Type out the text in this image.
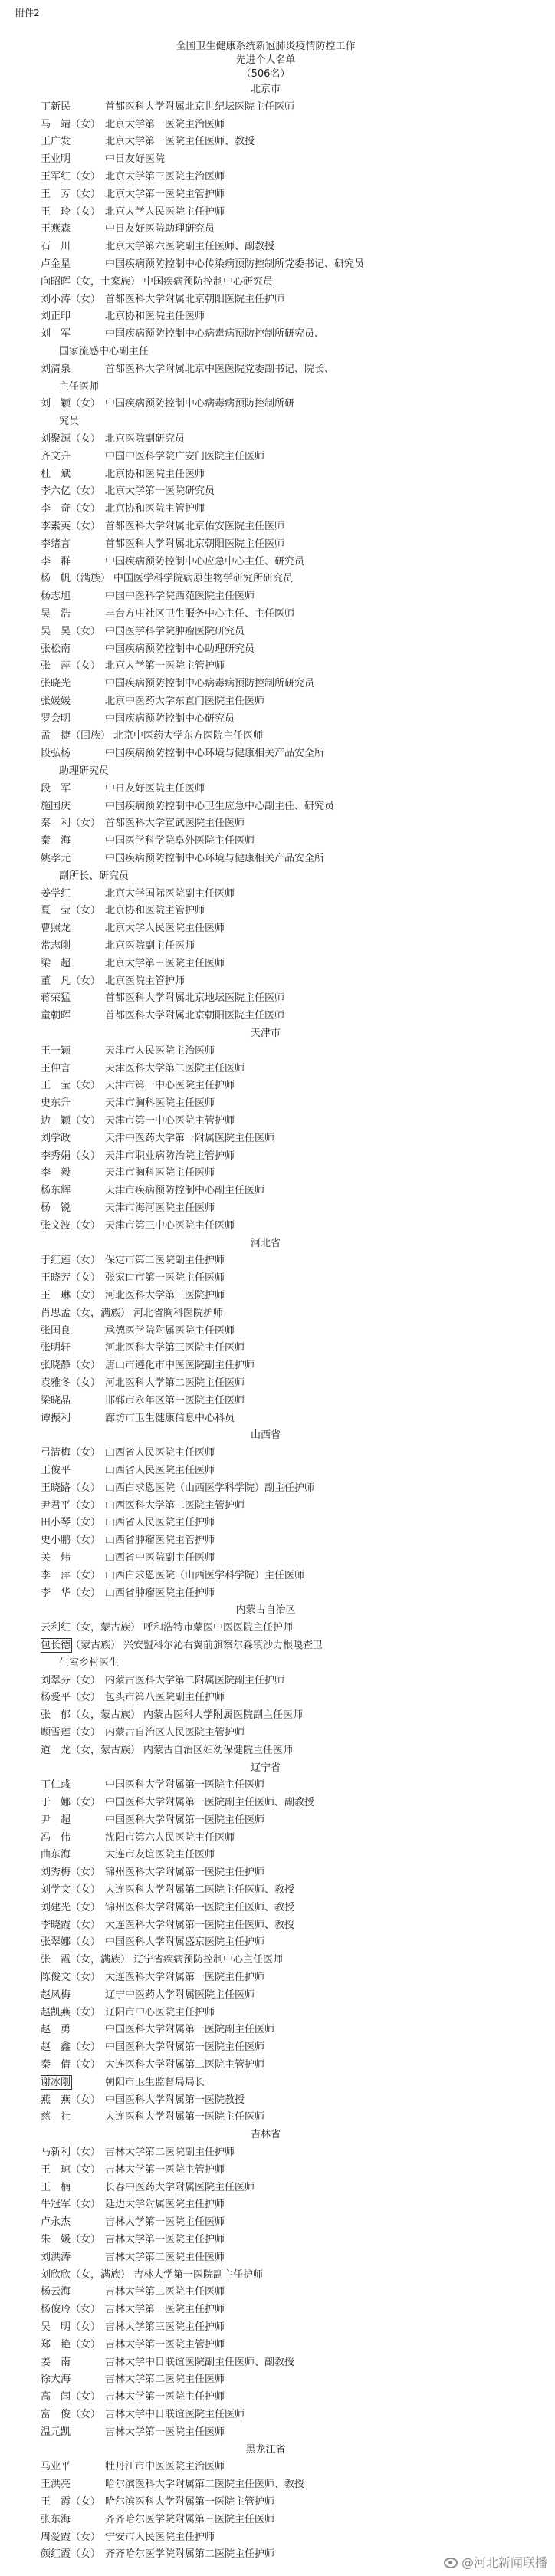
附件2
全国卫生健康系统新冠肺炎疫情防控工作
先进个人名单
（506名）
北京市
丁新民	首都医科大学附属北京世纪坛医院主任医师
马　靖（女） 北京大学第一医院主治医师
王广发	北京大学第一医院主任医师、教授
王业明	中日友好医院
王军红（女） 北京大学第三医院主治医师
王　芳（女） 北京大学第一医院主管护师
王　玲（女） 北京大学人民医院主任护师
王燕森	中日友好医院助理研究员
石　川	北京大学第六医院副主任医师、副教授
卢金星	中国疾病预防控制中心传染病预防控制所党委书记、研究员
向昭晖（女，土家族） 中国疾病预防控制中心研究员
刘小涛（女） 首都医科大学附属北京朝阳医院主任护师
刘正印	北京协和医院主任医师
刘　军	中国疾病预防控制中心病毒病预防控制所研究员、
国家流感中心副主任
刘清泉	首都医科大学附属北京中医医院党委副书记、院长、
主任医师
刘　颖（女） 中国疾病预防控制中心病毒病预防控制所研
究员
刘聚源（女） 北京医院副研究员
齐文升	中国中医科学院广安门医院主任医师
杜　斌	北京协和医院主任医师
李六亿（女） 北京大学第一医院研究员
李　奇（女） 北京协和医院主管护师
李素英（女） 首都医科大学附属北京佑安医院主任医师
李绪言	首都医科大学附属北京朝阳医院主任医师
李　群	中国疾病预防控制中心应急中心主任、研究员
杨　帆（满族） 中国医学科学院病原生物学研究所研究员
杨志旭	中国中医科学院西苑医院主任医师
吴　浩	丰台方庄社区卫生服务中心主任、主任医师
吴　昊（女） 中国医学科学院肿瘤医院研究员
张松南	中国疾病预防控制中心助理研究员
张　萍（女） 北京大学第一医院主管护师
张晓光	中国疾病预防控制中心病毒病预防控制所研究员
张媛媛	北京中医药大学东直门医院主任医师
罗会明	中国疾病预防控制中心研究员
孟　捷（回族） 北京中医药大学东方医院主任医师
段弘杨	中国疾病预防控制中心环境与健康相关产品安全所
助理研究员
段　军	中日友好医院主任医师
施国庆	中国疾病预防控制中心卫生应急中心副主任、研究员
秦　利（女） 首都医科大学宣武医院主任医师
秦　海	中国医学科学院阜外医院主任医师
姚孝元	中国疾病预防控制中心环境与健康相关产品安全所
副所长、研究员
姜学红	北京大学国际医院副主任医师
夏　莹（女） 北京协和医院主管护师
曹照龙	北京大学人民医院主任医师
常志刚	北京医院副主任医师
梁　超	北京大学第三医院主任医师
董　凡（女） 北京医院主管护师
蒋荣猛	首都医科大学附属北京地坛医院主任医师
童朝晖	首都医科大学附属北京朝阳医院主任医师
天津市
王一颖	天津市人民医院主治医师
王仲言	天津医科大学第二医院主任医师
王　莹（女） 天津市第一中心医院主任护师
史东升	天津市胸科医院主任医师
边　颖（女） 天津市第一中心医院主管护师
刘学政	天津中医药大学第一附属医院主任医师
李秀娟（女） 天津市职业病防治院主管护师
李　毅	天津市胸科医院主任医师
杨东辉	天津市疾病预防控制中心副主任医师
杨　锐	天津市海河医院主任医师
张文波（女） 天津市第三中心医院主任医师
河北省
于红莲（女） 保定市第二医院副主任护师
王晓芳（女） 张家口市第一医院主任医师
王　琳（女） 河北医科大学第三医院护师
肖思孟（女，满族） 河北省胸科医院护师
张国良	承德医学院附属医院主任医师
张明轩	河北医科大学第三医院主任医师
张晓静（女） 唐山市遵化市中医医院副主任护师
袁雅冬（女） 河北医科大学第二医院主任医师
梁晓晶	邯郸市永年区第一医院主任医师
谭振利	廊坊市卫生健康信息中心科员
山西省
弓清梅（女） 山西省人民医院主任医师
王俊平	山西省人民医院主任医师
王晓路（女） 山西白求恩医院（山西医学科学院）副主任护师
尹君平（女） 山西医科大学第二医院主管护师
田小琴（女） 山西省人民医院主任护师
史小鹏（女） 山西省肿瘤医院主管护师
关　炜	山西省中医院副主任医师
李　萍（女） 山西白求恩医院（山西医学科学院）主任医师
李　华（女） 山西省肿瘤医院主任护师
内蒙古自治区
云利红（女，蒙古族） 呼和浩特市蒙医中医医院主任护师
包长德（蒙古族） 兴安盟科尔沁右翼前旗察尔森镇沙力根嘎查卫
生室乡村医生
刘翠芬（女） 内蒙古医科大学第二附属医院副主任护师
杨爱平（女） 包头市第八医院副主任护师
张　郁（女，蒙古族） 内蒙古医科大学附属医院副主任医师
顾雪莲（女） 内蒙古自治区人民医院主管护师
道　龙（女，蒙古族） 内蒙古自治区妇幼保健院主任医师
辽宁省
丁仁彧	中国医科大学附属第一医院主任医师
于　娜（女） 中国医科大学附属第一医院副主任医师、副教授
尹　超	中国医科大学附属第一医院主任医师
冯　伟	沈阳市第六人民医院主任医师
曲东海	大连市友谊医院主任医师
刘秀梅（女） 锦州医科大学附属第一医院主任护师
刘学文（女） 大连医科大学附属第二医院主任医师、教授
刘建光（女） 锦州医科大学附属第一医院主任医师、教授
李晓霞（女） 大连医科大学附属第一医院主任医师、教授
张翠娜（女） 中国医科大学附属盛京医院主任护师
张　霞（女，满族） 辽宁省疾病预防控制中心主任医师
陈俊文（女） 大连医科大学附属第一医院主任护师
赵凤梅	辽宁中医药大学附属医院主任医师
赵凯燕（女） 辽阳市中心医院主任护师
赵　勇	中国医科大学附属第一医院副主任医师
赵　鑫（女） 中国医科大学附属第一医院主任医师
秦　倩（女） 大连医科大学附属第二医院主管护师
谢冰刚	朝阳市卫生监督局局长
燕　燕（女） 中国医科大学附属第一医院教授
慈　社	大连医科大学附属第一医院主任医师
吉林省
马新利（女） 吉林大学第二医院副主任护师
王　琼（女） 吉林大学第一医院主管护师
王　楠	长春中医药大学附属医院主任医师
牛冠军（女） 延边大学附属医院主任护师
卢永杰	吉林大学第一医院主任医师
朱　媛（女） 吉林大学第一医院主任护师
刘洪涛	吉林大学第二医院主任医师
刘欣欣（女，满族） 吉林大学第一医院副主任护师
杨云海	吉林大学第二医院主任医师
杨俊玲（女） 吉林大学第一医院主任护师
吴　明（女） 吉林大学第三医院主任护师
郑　艳（女） 吉林大学第一医院主管护师
姜　南	吉林大学中日联谊医院副主任医师、副教授
徐大海	吉林大学第二医院主任医师
高　闻（女） 吉林大学第一医院主任护师
富　俊（女） 吉林大学中日联谊医院主任医师
温元凯	吉林大学第一医院主任医师
黑龙江省
马业平	牡丹江市中医医院主治医师
王洪亮	哈尔滨医科大学附属第二医院主任医师、教授
王　霞（女） 哈尔滨医科大学附属第一医院主管护师
张东海	齐齐哈尔医学院附属第三医院主任医师
周爱霞（女） 宁安市人民医院主任护师
颜红霞（女） 齐齐哈尔医学院附属第二医院主任护师
@河北新闻联播
